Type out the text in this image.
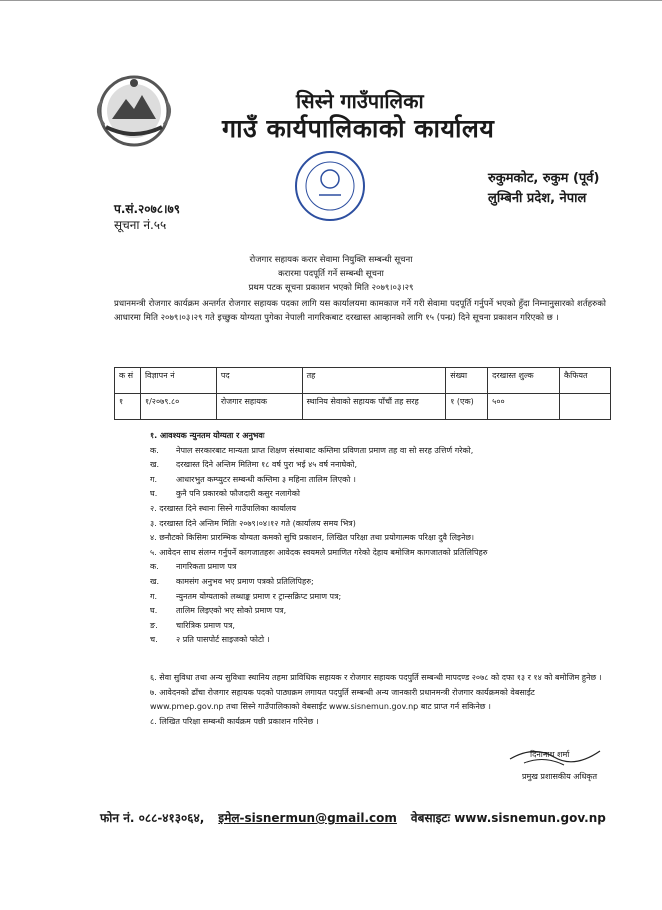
सिस्ने गाउँपालिका
गाउँ कार्यपालिकाको कार्यालय
रुकुमकोट, रुकुम (पूर्व)
लुम्बिनी प्रदेश, नेपाल
प.सं.२०७८।७९
सूचना नं.५५
रोजगार सहायक करार सेवामा नियुक्ति सम्बन्धी सूचना
करारमा पदपूर्ति गर्ने सम्बन्धी सूचना
प्रथम पटक सूचना प्रकाशन भएको मिति २०७९।०३।२९
प्रधानमन्त्री रोजगार कार्यक्रम अन्तर्गत रोजगार सहायक पदका लागि यस कार्यालयमा कामकाज गर्ने गरी सेवामा पदपूर्ति गर्नुपर्ने भएको हुँदा निम्नानुसारको शर्तहरुको आधारमा मिति २०७९।०३।२९ गते इच्छुक योग्यता पुगेका नेपाली नागरिकबाट दरखास्त आव्हानको लागि १५ (पन्ध्र) दिने सूचना प्रकाशन गरिएको छ ।
क सं	विज्ञापन नं	पद	तह	संख्या	दरखास्त शुल्क	कैफियत
१	१/२०७९.८०	रोजगार सहायक	स्थानिय सेवाको सहायक पाँचौं तह सरह	१ (एक)	५००	
१. आवश्यक न्युनतम योग्यता र अनुभवः
क.	नेपाल सरकारबाट मान्यता प्राप्त शिक्षण संस्थाबाट कम्तिमा प्रविणता प्रमाण तह वा सो सरह उत्तिर्ण गरेको,
ख.	दरखास्त दिने अन्तिम मितिमा १८ वर्ष पुरा भई ४५ वर्ष ननाघेको,
ग.	आधारभुत कम्प्युटर सम्बन्धी कम्तिमा ३ महिना तालिम लिएको ।
घ.	कुनै पनि प्रकारको फौजदारी कसुर नलागेको
२. दरखास्त दिने स्थानः सिस्ने गाउँपालिका कार्यालय
३. दरखास्त दिने अन्तिम मितिः २०७९।०४।१२ गते (कार्यालय समय भित्र)
४. छनौटको किसिमः प्रारम्भिक योग्यता कमको सुचि प्रकाशन, लिखित परिक्षा तथा प्रयोगात्मक परिक्षा दुवै लिइनेछ।
५. आवेदन साथ संलग्न गर्नुपर्ने कागजातहरुः आवेदक स्वयमले प्रमाणित गरेको देहाय बमोजिम कागजातको प्रतिलिपिहरु
क.	नागरिकता प्रमाण पत्र
ख.	कामसंग अनुभव भए प्रमाण पत्रको प्रतिलिपिहरु;
ग.	न्युनतम योग्यताको लब्धाङ्क प्रमाण र ट्रान्सक्रिप्ट प्रमाण पत्र;
घ.	तालिम लिइएको भए सोको प्रमाण पत्र,
ङ.	चारित्रिक प्रमाण पत्र,
च.	२ प्रति पासपोर्ट साइजको फोटो ।
६. सेवा सुविधा तथा अन्य सुविधाः स्थानिय तहमा प्राविधिक सहायक र रोजगार सहायक पदपुर्ति सम्बन्धी मापदण्ड २०७८ को दफा १३ र १४ को बमोजिम हुनेछ ।
७. आवेदनको ढाँचा रोजगार सहायक पदको पाठ्यक्रम लगायत पदपुर्ति सम्बन्धी अन्य जानकारी प्रधानमन्त्री रोजगार कार्यक्रमको वेबसाईट www.pmep.gov.np तथा सिस्ने गाउँपालिकाको वेबसाईट www.sisnemun.gov.np बाट प्राप्त गर्न सकिनेछ ।
८. लिखित परिक्षा सम्बन्धी कार्यक्रम पछी प्रकाशन गरिनेछ ।
दिनानाथ शर्मा
प्रमुख प्रशासकीय अधिकृत
फोन नं. ०८८-४१३०६४, इमेल-sisnermun@gmail.com वेबसाइटः www.sisnemun.gov.np
